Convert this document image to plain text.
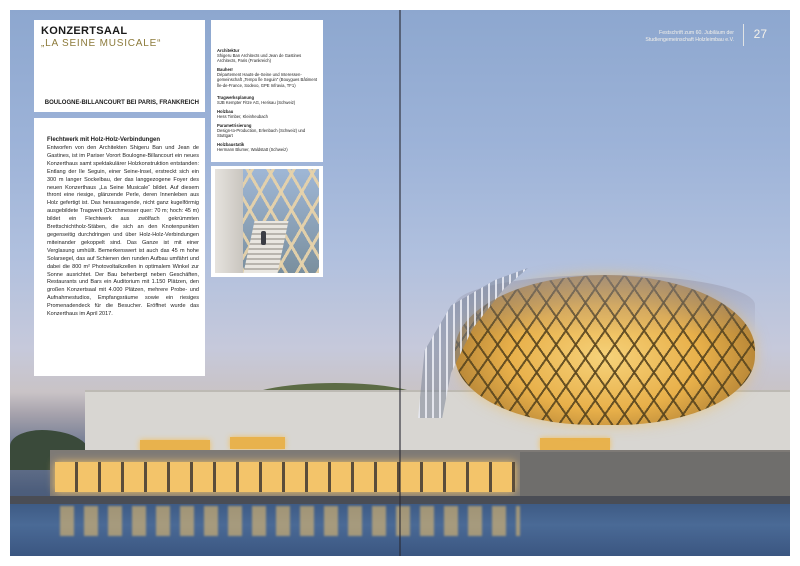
Festschrift zum 60. Jubiläum der
Studiengemeinschaft Holzleimbau e.V. 27
KONZERTSAAL
„LA SEINE MUSICALE“
BOULOGNE-BILLANCOURT BEI PARIS, FRANKREICH
Architektur
Shigeru Ban Architects und Jean de Gastines Architects, Paris (Frankreich)
Bauherr
Département Hauts-de-Seine und Interessen-gemeinschaft „Tempo Île Seguin“ (Bouygues Bâtiment Île-de-France, Sodexo, GPE Infravia, TF1)
Tragwerksplanung
SJB Kempter Fitze AG, Herisau (Schweiz)
Holzbau
Hess Timber, Kleinheubach
Parametrisierung
Design-to-Production, Erlenbach (Schweiz) und Stuttgart
Holzbaustatik
Hermann Blumer, Waldstatt (Schweiz)
Flechtwerk mit Holz-Holz-Verbindungen

Entworfen von den Architekten Shigeru Ban und Jean de Gastines, ist im Pariser Vorort Boulogne-Billancourt ein neues Konzerthaus samt spektakulärer Holzkonstruktion entstanden: Entlang der Ile Seguin, einer Seine-Insel, erstreckt sich ein 300 m langer Sockelbau, der das langgezogene Foyer des neuen Konzerthaus „La Seine Musicale“ bildet. Auf diesem thront eine riesige, glänzende Perle, deren Innenleben aus Holz gefertigt ist. Das herausragende, nicht ganz kugelförmig ausgebildete Tragwerk (Durchmesser quer: 70 m; hoch: 45 m) bildet ein Flechtwerk aus zwölfach gekrümmten Brettschichtholz-Stäben, die sich an den Knotenpunkten gegenseitig durchdringen und über Holz-Holz-Verbindungen miteinander gekoppelt sind. Das Ganze ist mit einer Verglasung umhüllt. Bemerkenswert ist auch das 45 m hohe Solarsegel, das auf Schienen den runden Aufbau umfährt und dabei die 800 m² Photovoltaikzellen in optimalem Winkel zur Sonne ausrichtet. Der Bau beherbergt neben Geschäften, Restaurants und Bars ein Auditorium mit 1.150 Plätzen, den großen Konzertsaal mit 4.000 Plätzen, mehrere Probe- und Aufnahmestudios, Empfangsräume sowie ein riesiges Promenadendeck für die Besucher. Eröffnet wurde das Konzerthaus im April 2017.
